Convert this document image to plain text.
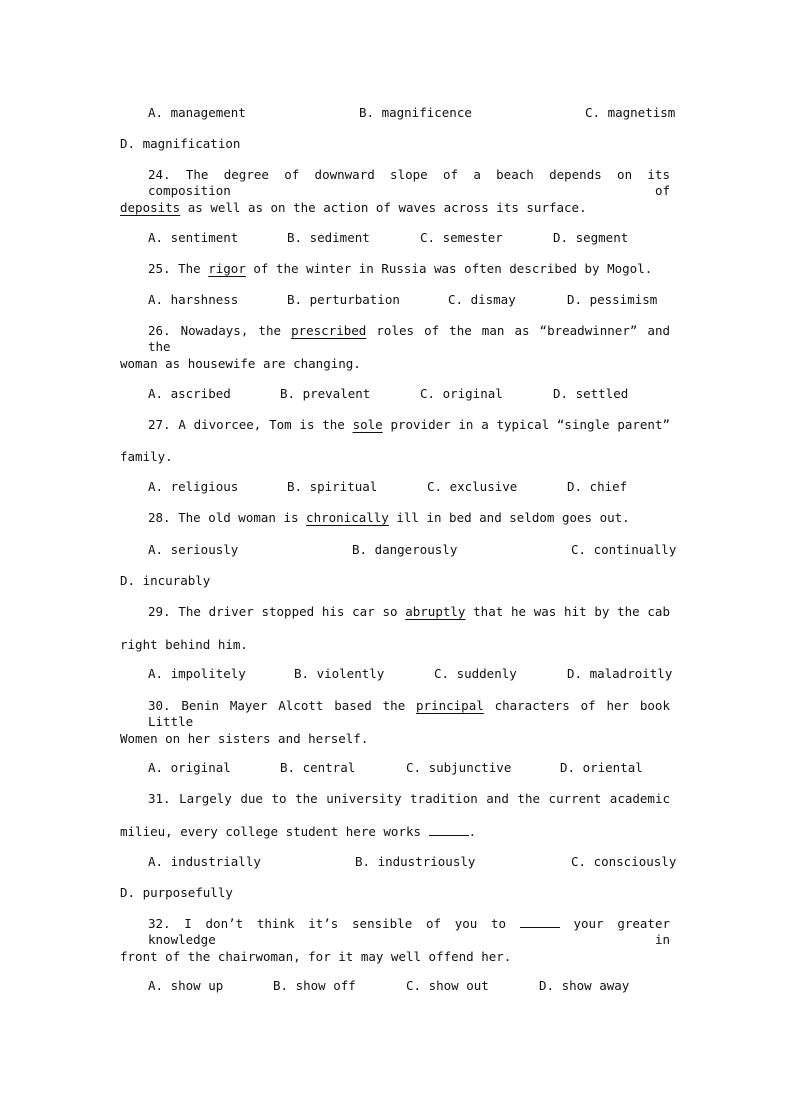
A. management	B. magnificence	C. magnetism
D. magnification
24. The degree of downward slope of a beach depends on its composition of
deposits as well as on the action of waves across its surface.
A. sentiment	B. sediment	C. semester	D. segment
25. The rigor of the winter in Russia was often described by Mogol.
A. harshness	B. perturbation	C. dismay	D. pessimism
26. Nowadays, the prescribed roles of the man as “breadwinner” and the
woman as housewife are changing.
A. ascribed	B. prevalent	C. original	D. settled
27. A divorcee, Tom is the sole provider in a typical “single parent”
family.
A. religious	B. spiritual	C. exclusive	D. chief
28. The old woman is chronically ill in bed and seldom goes out.
A. seriously	B. dangerously	C. continually
D. incurably
29. The driver stopped his car so abruptly that he was hit by the cab
right behind him.
A. impolitely	B. violently	C. suddenly	D. maladroitly
30. Benin Mayer Alcott based the principal characters of her book Little
Women on her sisters and herself.
A. original	B. central	C. subjunctive	D. oriental
31. Largely due to the university tradition and the current academic
milieu, every college student here works	.
A. industrially	B. industriously	C. consciously
D. purposefully
32. I don’t think it’s sensible of you to	your greater knowledge in
front of the chairwoman, for it may well offend her.
A. show up	B. show off	C. show out	D. show away
